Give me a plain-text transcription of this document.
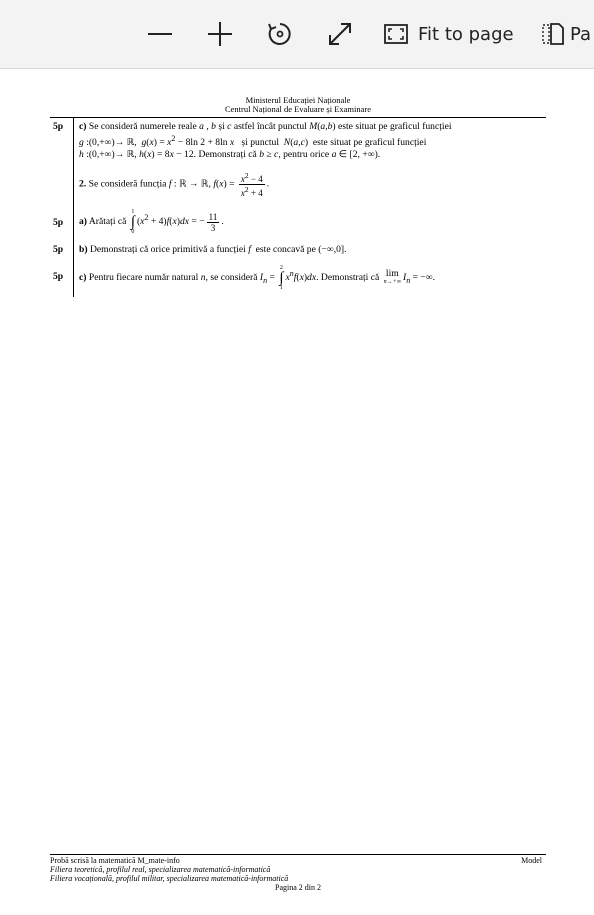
Fit to page	Pa
Ministerul Educației Naționale
Centrul Național de Evaluare și Examinare
5p	c) Se consideră numerele reale a , b și c astfel încât punctul M(a,b) este situat pe graficul funcției
g :(0,+∞)→ ℝ,  $g(x) = x^2 - 8\ln$ 2 + 8ln x și punctul N(a,c)  este situat pe graficul funcției
h :(0,+∞)→ ℝ, h(x) = 8x − 12. Demonstrați că b ≥ c, pentru orice a ∈ [2, +∞).
2. Se consideră funcția f : ℝ → ℝ, $f(x) = \frac{x^2 - 4}{x^2 + 4}$ .
5p	a) Arătați că
1
∫
0
$(x^2 + 4)f(x)dx$ = − $\frac{11}{3}$ .
5p	b) Demonstrați că orice primitivă a funcției f este concavă pe (−∞,0].
5p	c) Pentru fiecare număr natural n, se consideră $I_n$ =
2
∫
1
$x^nf(x)dx$. Demonstrați că lim
n→+∞ $I_n$ = −∞.
Probă scrisă la matematică M_mate-info	Model
Filiera teoretică, profilul real, specializarea matematică-informatică
Filiera vocațională, profilul militar, specializarea matematică-informatică
Pagina 2 din 2
